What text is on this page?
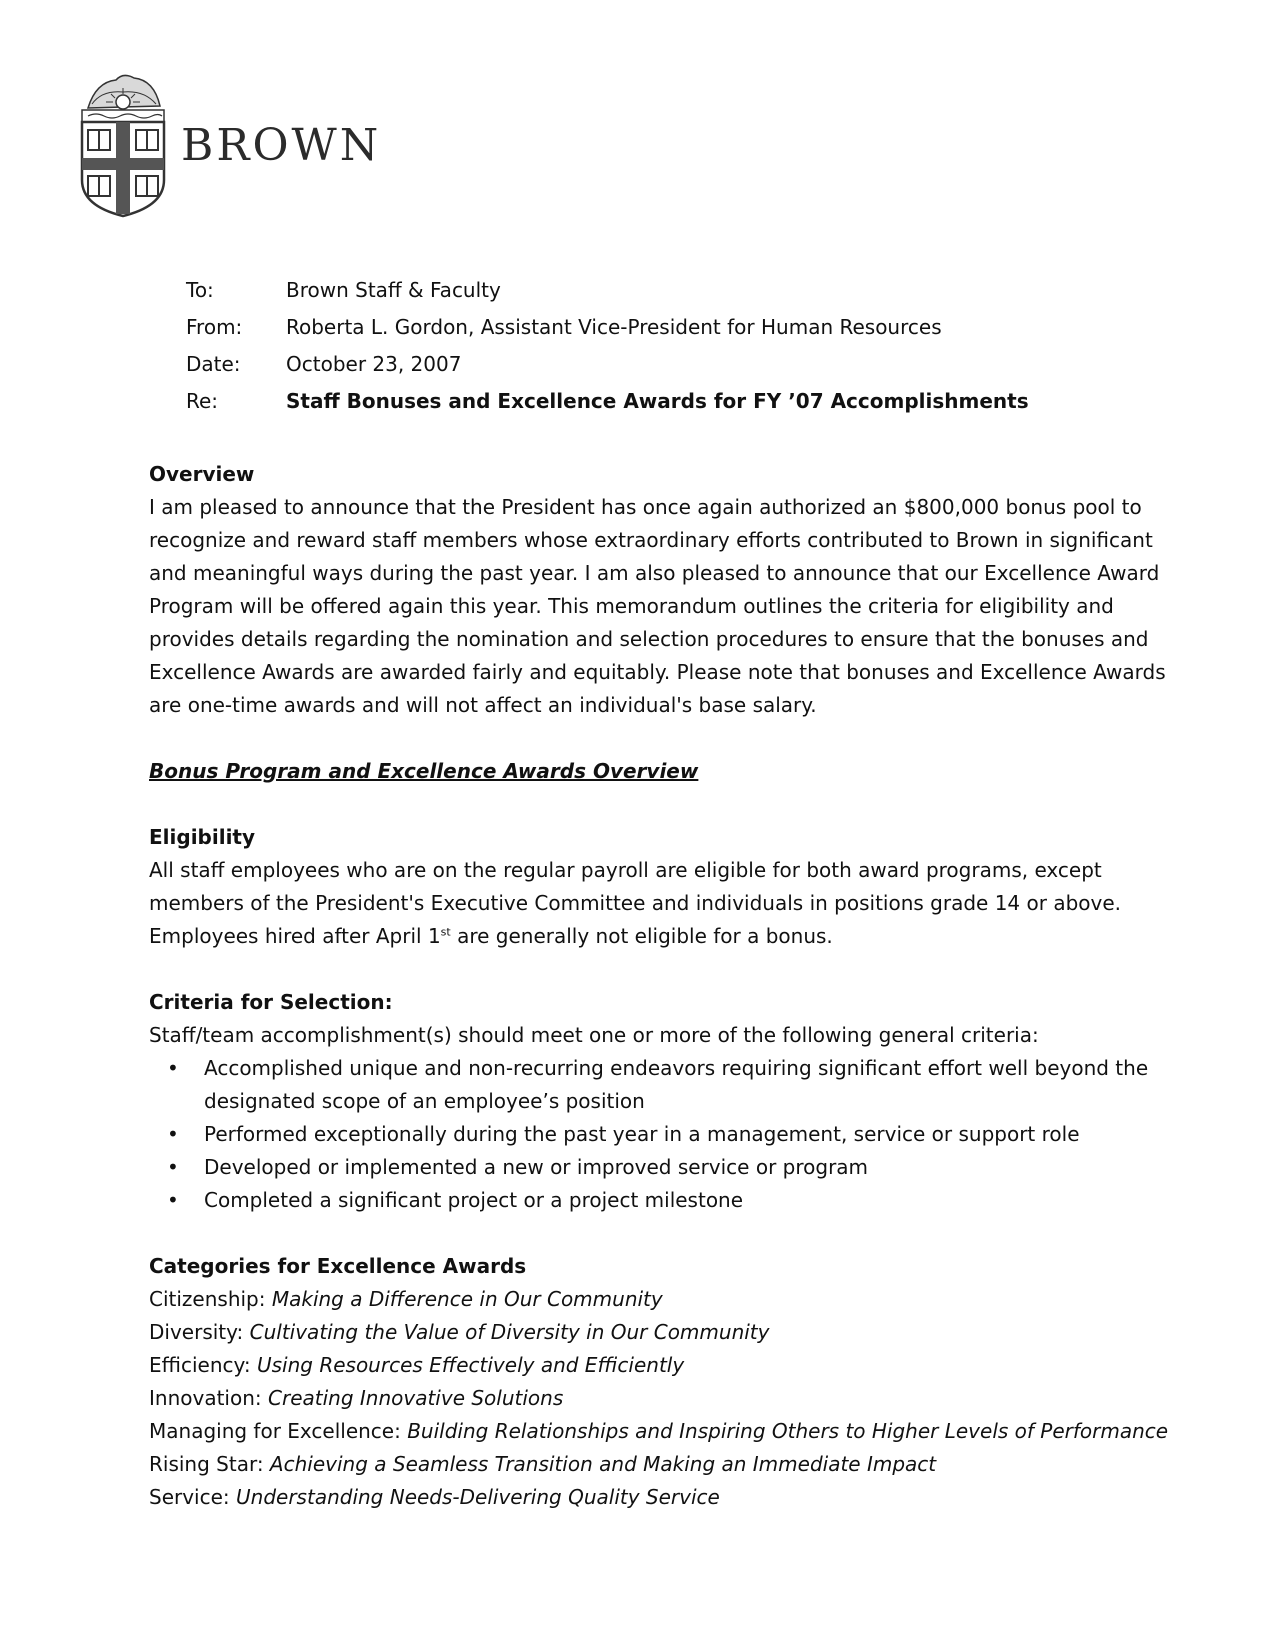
BROWN
To:	Brown Staff & Faculty
From:	Roberta L. Gordon, Assistant Vice-President for Human Resources
Date:	October 23, 2007
Re:	Staff Bonuses and Excellence Awards for FY ’07 Accomplishments
Overview

I am pleased to announce that the President has once again authorized an $800,000 bonus pool to recognize and reward staff members whose extraordinary efforts contributed to Brown in significant and meaningful ways during the past year. I am also pleased to announce that our Excellence Award Program will be offered again this year. This memorandum outlines the criteria for eligibility and provides details regarding the nomination and selection procedures to ensure that the bonuses and Excellence Awards are awarded fairly and equitably. Please note that bonuses and Excellence Awards are one-time awards and will not affect an individual's base salary.

Bonus Program and Excellence Awards Overview
Eligibility

All staff employees who are on the regular payroll are eligible for both award programs, except members of the President's Executive Committee and individuals in positions grade 14 or above. Employees hired after April 1st are generally not eligible for a bonus.

Criteria for Selection:

Staff/team accomplishment(s) should meet one or more of the following general criteria:

• Accomplished unique and non-recurring endeavors requiring significant effort well beyond the designated scope of an employee’s position
• Performed exceptionally during the past year in a management, service or support role
• Developed or implemented a new or improved service or program
• Completed a significant project or a project milestone
Categories for Excellence Awards
Citizenship: Making a Difference in Our Community
Diversity: Cultivating the Value of Diversity in Our Community
Efficiency: Using Resources Effectively and Efficiently
Innovation: Creating Innovative Solutions
Managing for Excellence: Building Relationships and Inspiring Others to Higher Levels of Performance
Rising Star: Achieving a Seamless Transition and Making an Immediate Impact
Service: Understanding Needs-Delivering Quality Service
